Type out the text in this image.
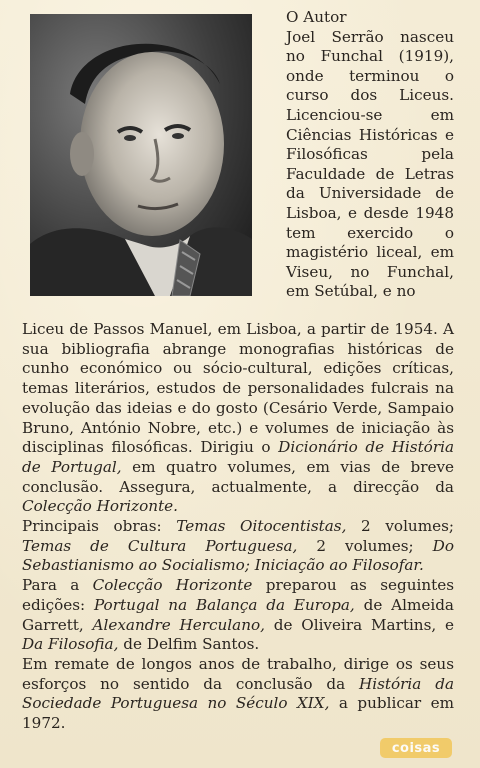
O Autor

Joel Serrão nasceu no Funchal (1919), onde terminou o curso dos Liceus. Licenciou-se em Ciências Históricas e Filosóficas pela Faculdade de Letras da Universidade de Lisboa, e desde 1948 tem exercido o magistério liceal, em Viseu, no Funchal, em Setúbal, e no

Liceu de Passos Manuel, em Lisboa, a partir de 1954. A sua bibliografia abrange monografias históricas de cunho económico ou sócio-cultural, edições críticas, temas literários, estudos de personalidades fulcrais na evolução das ideias e do gosto (Cesário Verde, Sampaio Bruno, António Nobre, etc.) e volumes de iniciação às disciplinas filosóficas. Dirigiu o Dicionário de História de Portugal, em quatro volumes, em vias de breve conclusão. Assegura, actualmente, a direcção da Colecção Horizonte.

Principais obras: Temas Oitocentistas, 2 volumes; Temas de Cultura Portuguesa, 2 volumes; Do Sebastianismo ao Socialismo; Iniciação ao Filosofar.

Para a Colecção Horizonte preparou as seguintes edições: Portugal na Balança da Europa, de Almeida Garrett, Alexandre Herculano, de Oliveira Martins, e Da Filosofia, de Delfim Santos.

Em remate de longos anos de trabalho, dirige os seus esforços no sentido da conclusão da História da Sociedade Portuguesa no Século XIX, a publicar em 1972.

coisas
